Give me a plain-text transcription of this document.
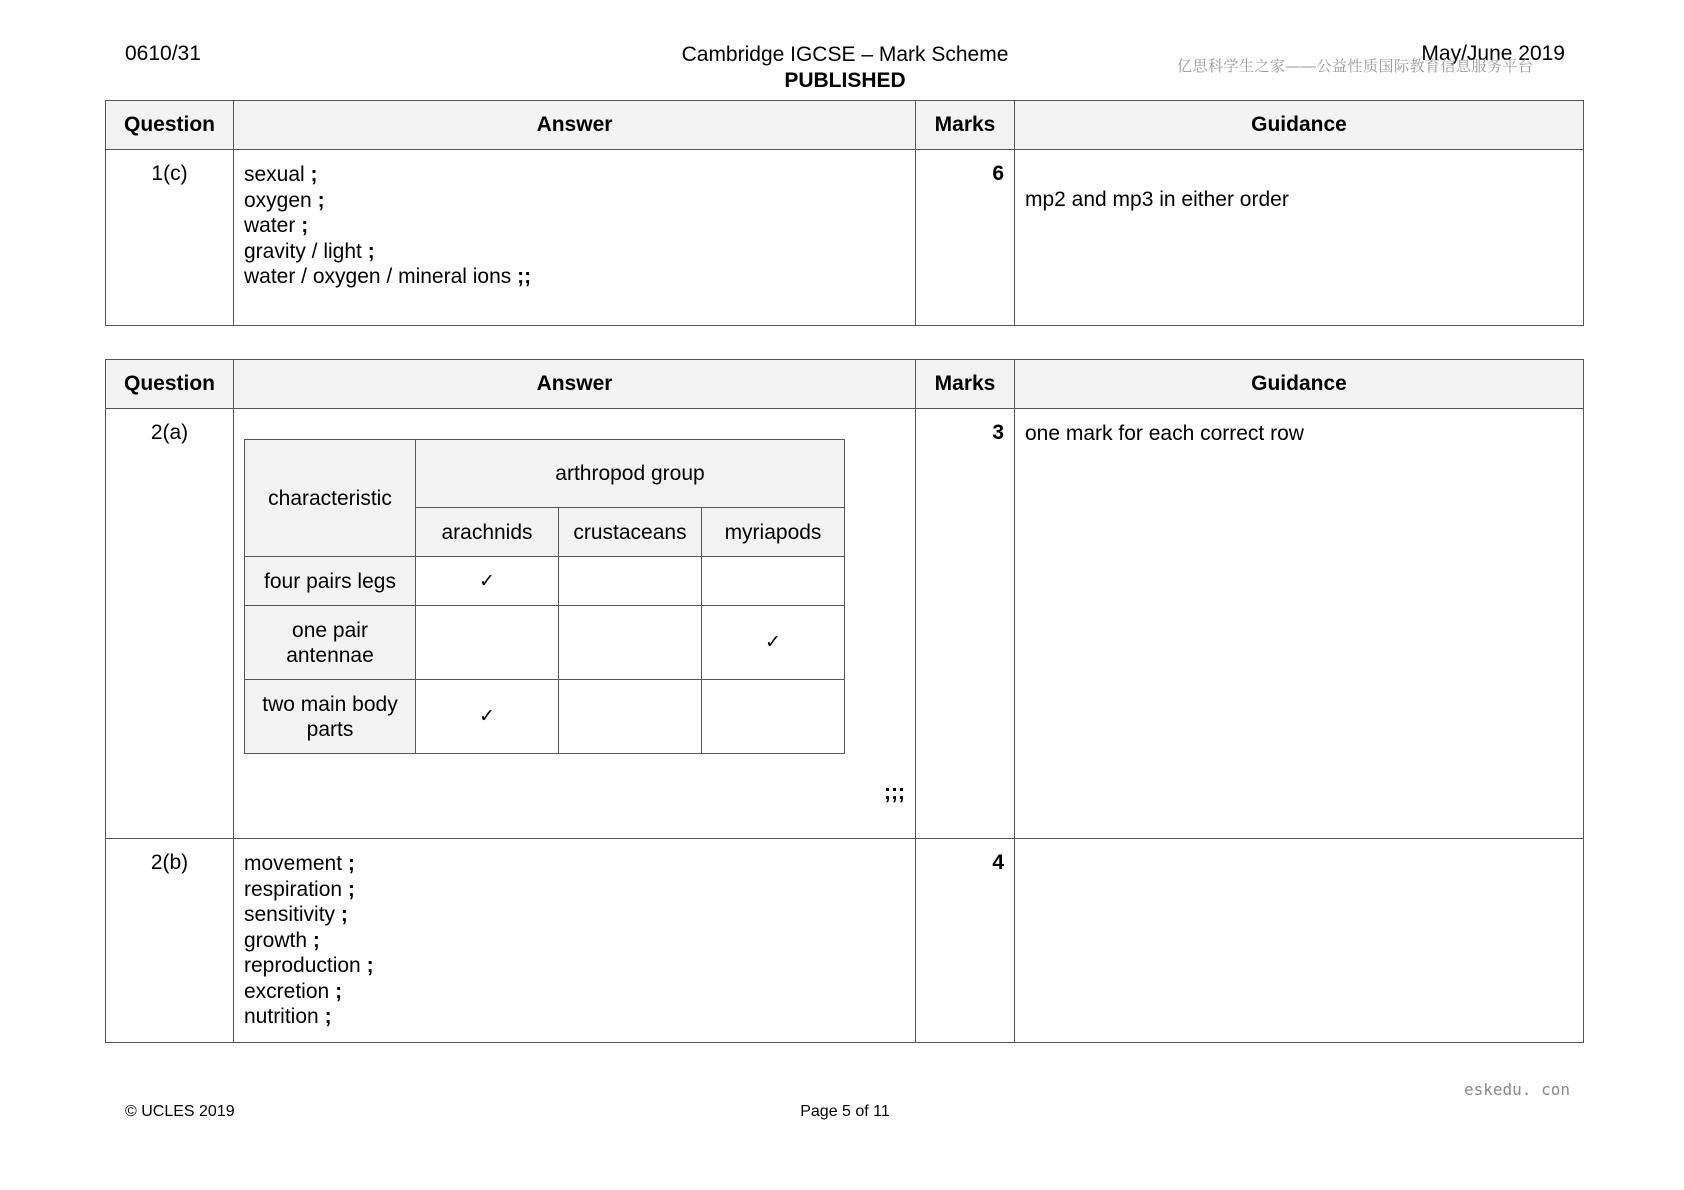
0610/31	Cambridge IGCSE – Mark Scheme
PUBLISHED
May/June 2019
亿思科学生之家——公益性质国际教育信息服务平台
Question	Answer	Marks	Guidance
1(c)	sexual ;
oxygen ;
water ;
gravity / light ;
water / oxygen / mineral ions ;;	6	mp2 and mp3 in either order
Question	Answer	Marks	Guidance
2(a)	
characteristic	arthropod group
arachnids	crustaceans	myriapods
four pairs legs	✓		
one pair antennae			✓
two main body parts	✓		
;;;
	3	one mark for each correct row
2(b)	movement ;
respiration ;
sensitivity ;
growth ;
reproduction ;
excretion ;
nutrition ;
	4	
eskedu. con
© UCLES 2019	Page 5 of 11
